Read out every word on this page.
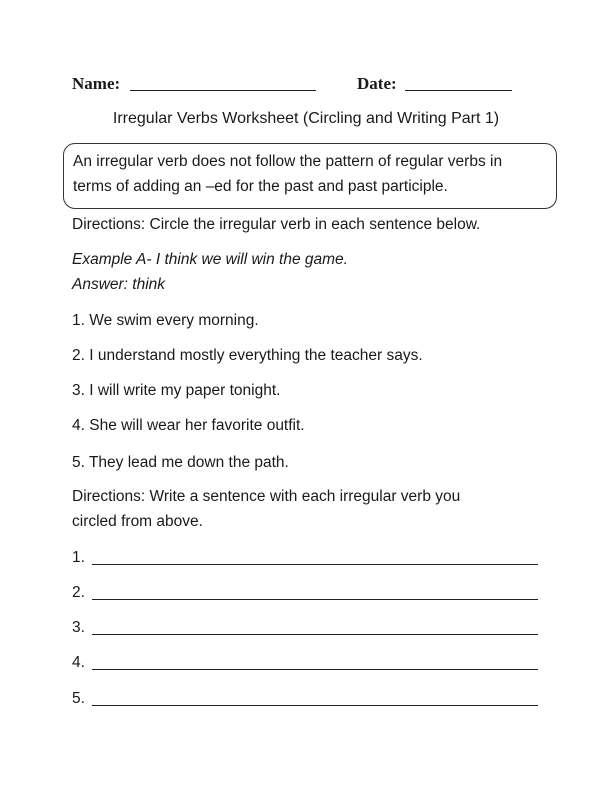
Name:	Date:
Irregular Verbs Worksheet (Circling and Writing Part 1)
An irregular verb does not follow the pattern of regular verbs in
terms of adding an –ed for the past and past participle.
Directions: Circle the irregular verb in each sentence below.
Example A- I think we will win the game.
Answer: think
1. We swim every morning.
2. I understand mostly everything the teacher says.
3. I will write my paper tonight.
4. She will wear her favorite outfit.
5. They lead me down the path.
Directions: Write a sentence with each irregular verb you
circled from above.
1.
2.
3.
4.
5.
